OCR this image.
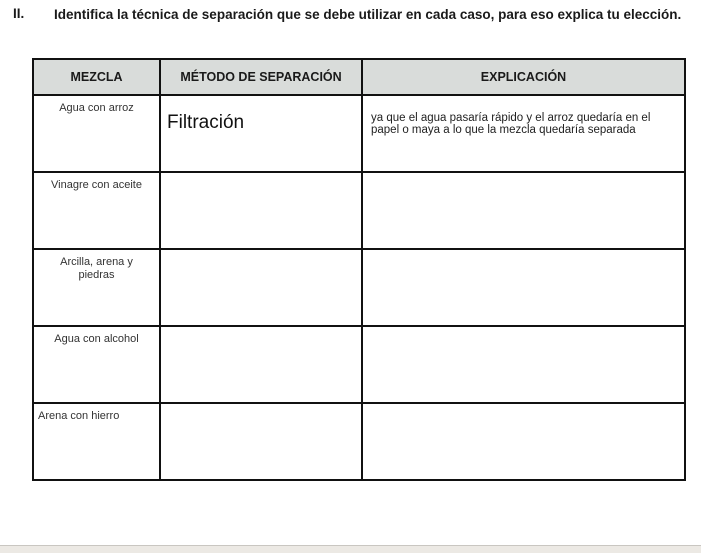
II. Identifica la técnica de separación que se debe utilizar en cada caso, para eso explica tu elección.
MEZCLA	MÉTODO DE SEPARACIÓN	EXPLICACIÓN

Agua con arroz	Filtración	ya que el agua pasaría rápido y el arroz quedaría en el papel o maya a lo que la mezcla quedaría separada

Vinagre con aceite		

Arcilla, arena y piedras		

Agua con alcohol		

Arena con hierro		
